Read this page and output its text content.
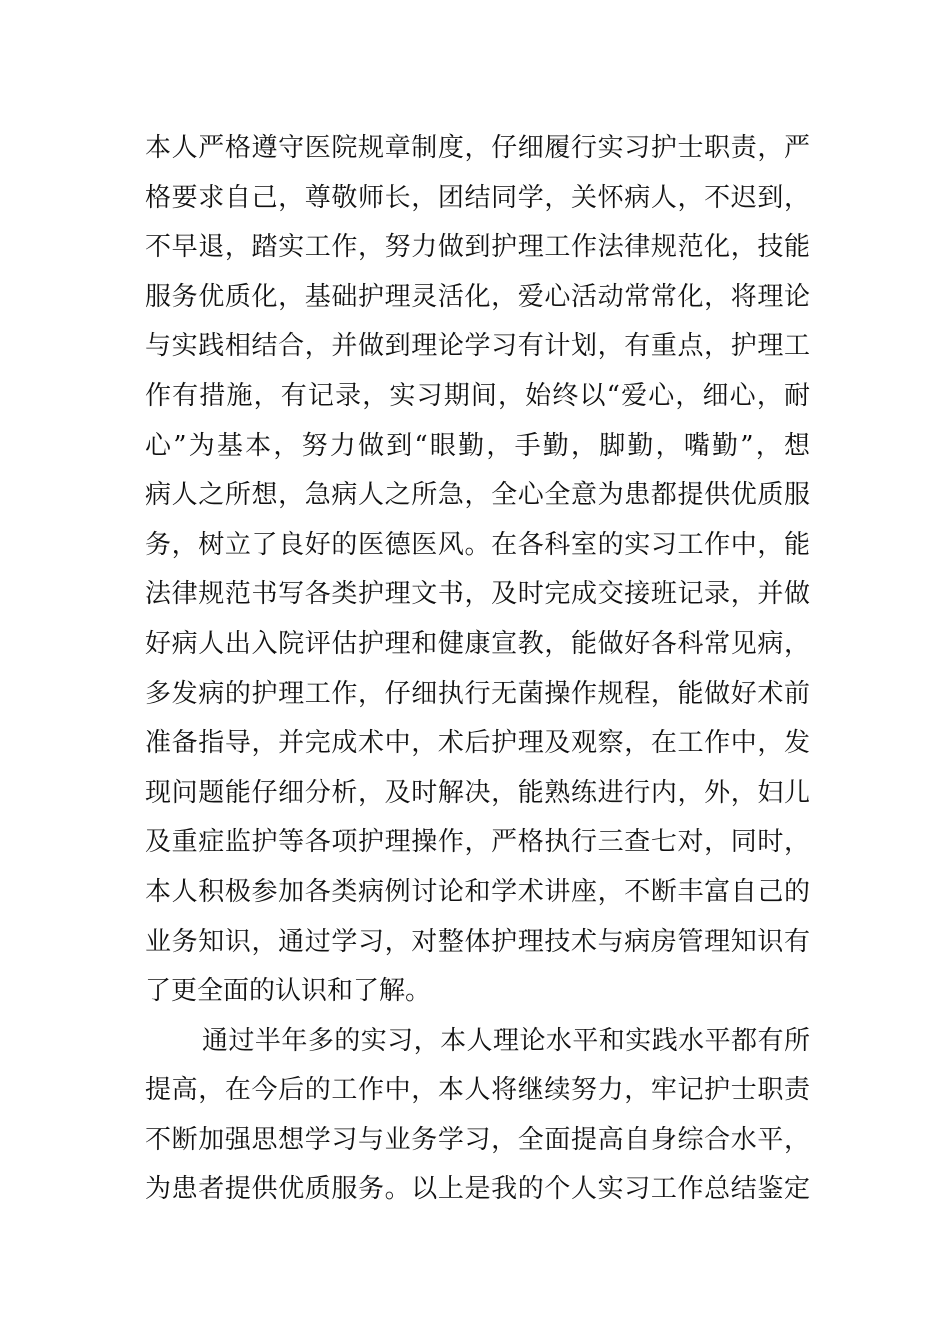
本人严格遵守医院规章制度，仔细履行实习护士职责，严
格要求自己，尊敬师长，团结同学，关怀病人，不迟到，
不早退，踏实工作，努力做到护理工作法律规范化，技能
服务优质化，基础护理灵活化，爱心活动常常化，将理论
与实践相结合，并做到理论学习有计划，有重点，护理工
作有措施，有记录，实习期间，始终以“爱心，细心，耐
心”为基本，努力做到“眼勤，手勤，脚勤，嘴勤”，想
病人之所想，急病人之所急，全心全意为患都提供优质服
务，树立了良好的医德医风。在各科室的实习工作中，能
法律规范书写各类护理文书，及时完成交接班记录，并做
好病人出入院评估护理和健康宣教，能做好各科常见病，
多发病的护理工作，仔细执行无菌操作规程，能做好术前
准备指导，并完成术中，术后护理及观察，在工作中，发
现问题能仔细分析，及时解决，能熟练进行内，外，妇儿
及重症监护等各项护理操作，严格执行三查七对，同时，
本人积极参加各类病例讨论和学术讲座，不断丰富自己的
业务知识，通过学习，对整体护理技术与病房管理知识有
了更全面的认识和了解。
通过半年多的实习，本人理论水平和实践水平都有所
提高，在今后的工作中，本人将继续努力，牢记护士职责
不断加强思想学习与业务学习，全面提高自身综合水平，
为患者提供优质服务。以上是我的个人实习工作总结鉴定
